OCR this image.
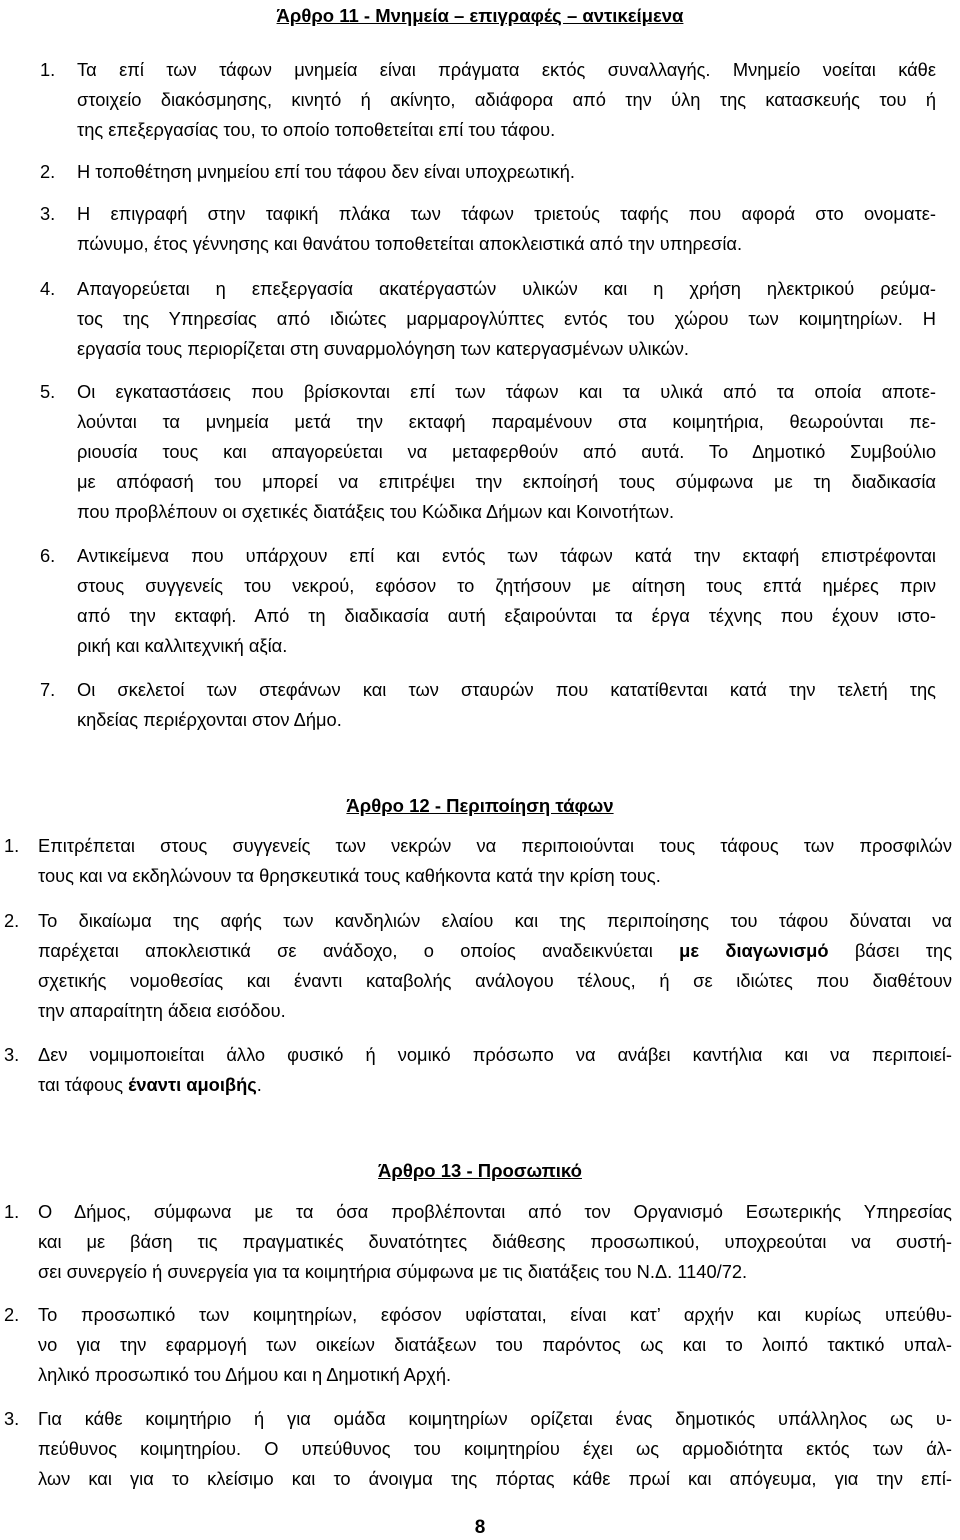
Άρθρο 11 - Μνημεία – επιγραφές – αντικείμενα
1. Τα επί των τάφων μνημεία είναι πράγματα εκτός συναλλαγής. Μνημείο νοείται κάθε
στοιχείο διακόσμησης, κινητό ή ακίνητο, αδιάφορα από την ύλη της κατασκευής του ή
της επεξεργασίας του, το οποίο τοποθετείται επί του τάφου.
2. Η τοποθέτηση μνημείου επί του τάφου δεν είναι υποχρεωτική.
3. Η επιγραφή στην ταφική πλάκα των τάφων τριετούς ταφής που αφορά στο ονοματε-
πώνυμο, έτος γέννησης και θανάτου τοποθετείται αποκλειστικά από την υπηρεσία.
4. Απαγορεύεται η επεξεργασία ακατέργαστών υλικών και η χρήση ηλεκτρικού ρεύμα-
τος της Υπηρεσίας από ιδιώτες μαρμαρογλύπτες εντός του χώρου των κοιμητηρίων. Η
εργασία τους περιορίζεται στη συναρμολόγηση των κατεργασμένων υλικών.
5. Οι εγκαταστάσεις που βρίσκονται επί των τάφων και τα υλικά από τα οποία αποτε-
λούνται τα μνημεία μετά την εκταφή παραμένουν στα κοιμητήρια, θεωρούνται πε-
ριουσία τους και απαγορεύεται να μεταφερθούν από αυτά. Το Δημοτικό Συμβούλιο
με απόφασή του μπορεί να επιτρέψει την εκποίησή τους σύμφωνα με τη διαδικασία
που προβλέπουν οι σχετικές διατάξεις του Κώδικα Δήμων και Κοινοτήτων.
6. Αντικείμενα που υπάρχουν επί και εντός των τάφων κατά την εκταφή επιστρέφονται
στους συγγενείς του νεκρού, εφόσον το ζητήσουν με αίτηση τους επτά ημέρες πριν
από την εκταφή. Από τη διαδικασία αυτή εξαιρούνται τα έργα τέχνης που έχουν ιστο-
ρική και καλλιτεχνική αξία.
7. Οι σκελετοί των στεφάνων και των σταυρών που κατατίθενται κατά την τελετή της
κηδείας περιέρχονται στον Δήμο.
Άρθρο 12 - Περιποίηση τάφων
1. Επιτρέπεται στους συγγενείς των νεκρών να περιποιούνται τους τάφους των προσφιλών
τους και να εκδηλώνουν τα θρησκευτικά τους καθήκοντα κατά την κρίση τους.
2. Το δικαίωμα της αφής των κανδηλιών ελαίου και της περιποίησης του τάφου δύναται να
παρέχεται αποκλειστικά σε ανάδοχο, ο οποίος αναδεικνύεται με διαγωνισμό βάσει της
σχετικής νομοθεσίας και έναντι καταβολής ανάλογου τέλους, ή σε ιδιώτες που διαθέτουν
την απαραίτητη άδεια εισόδου.
3. Δεν νομιμοποιείται άλλο φυσικό ή νομικό πρόσωπο να ανάβει καντήλια και να περιποιεί-
ται τάφους έναντι αμοιβής.
Άρθρο 13 - Προσωπικό
1. Ο Δήμος, σύμφωνα με τα όσα προβλέπονται από τον Οργανισμό Εσωτερικής Υπηρεσίας
και με βάση τις πραγματικές δυνατότητες διάθεσης προσωπικού, υποχρεούται να συστή-
σει συνεργείο ή συνεργεία για τα κοιμητήρια σύμφωνα με τις διατάξεις του Ν.Δ. 1140/72.
2. Το προσωπικό των κοιμητηρίων, εφόσον υφίσταται, είναι κατ’ αρχήν και κυρίως υπεύθυ-
νο για την εφαρμογή των οικείων διατάξεων του παρόντος ως και το λοιπό τακτικό υπαλ-
ληλικό προσωπικό του Δήμου και η Δημοτική Αρχή.
3. Για κάθε κοιμητήριο ή για ομάδα κοιμητηρίων ορίζεται ένας δημοτικός υπάλληλος ως υ-
πεύθυνος κοιμητηρίου. Ο υπεύθυνος του κοιμητηρίου έχει ως αρμοδιότητα εκτός των άλ-
λων και για το κλείσιμο και το άνοιγμα της πόρτας κάθε πρωί και απόγευμα, για την επί-
8
